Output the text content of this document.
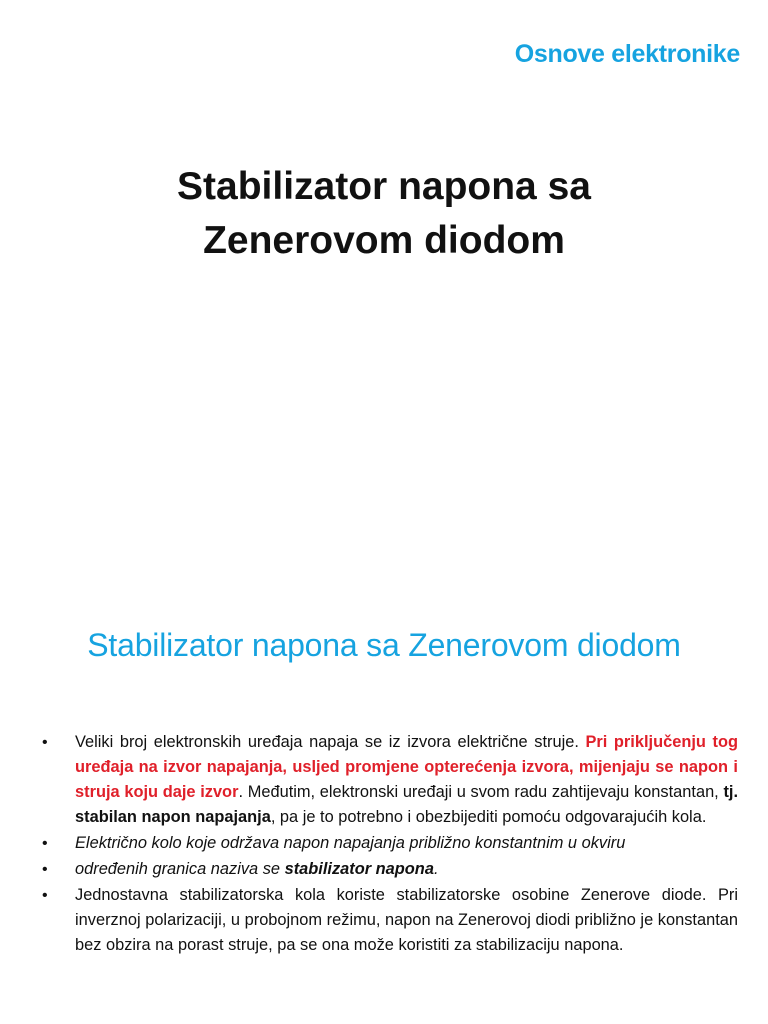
Osnove elektronike
Stabilizator napona sa
Zenerovom diodom
Stabilizator napona sa Zenerovom diodom
• Veliki broj elektronskih uređaja napaja se iz izvora električne struje. Pri priključenju tog uređaja na izvor napajanja, usljed promjene opterećenja izvora, mijenjaju se napon i struja koju daje izvor. Međutim, elektronski uređaji u svom radu zahtijevaju konstantan, tj. stabilan napon napajanja, pa je to potrebno i obezbijediti pomoću odgovarajućih kola.
• Električno kolo koje održava napon napajanja približno konstantnim u okviru
• određenih granica naziva se stabilizator napona.
• Jednostavna stabilizatorska kola koriste stabilizatorske osobine Zenerove diode. Pri inverznoj polarizaciji, u probojnom režimu, napon na Zenerovoj diodi približno je konstantan bez obzira na porast struje, pa se ona može koristiti za stabilizaciju napona.
